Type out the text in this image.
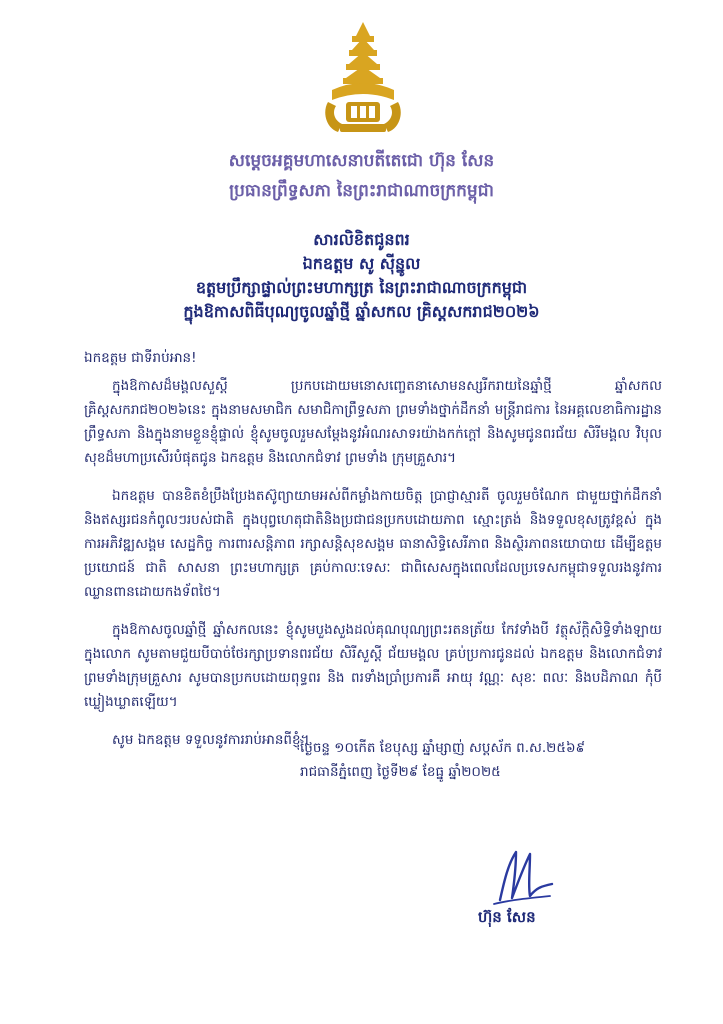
សម្តេចអគ្គមហាសេនាបតីតេជោ ហ៊ុន សែន
ប្រធានព្រឹទ្ធសភា នៃព្រះរាជាណាចក្រកម្ពុជា
សារលិខិតជូនពរ
ឯកឧត្តម សូ ស៊ីន្នូល
ឧត្តមប្រឹក្សាផ្ទាល់ព្រះមហាក្សត្រ នៃព្រះរាជាណាចក្រកម្ពុជា
ក្នុងឱកាសពិធីបុណ្យចូលឆ្នាំថ្មី ឆ្នាំសកល គ្រិស្តសករាជ២០២៦

ឯកឧត្តម ជាទីរាប់អាន!

ក្នុងឱកាសដ៏មង្គលសួស្តី ប្រកបដោយមនោសញ្ចេតនាសោមនស្សរីករាយនៃឆ្នាំថ្មី ឆ្នាំសកល គ្រិស្តសករាជ២០២៦នេះ ក្នុងនាមសមាជិក សមាជិកាព្រឹទ្ធសភា ព្រមទាំងថ្នាក់ដឹកនាំ មន្ត្រីរាជការ នៃអគ្គលេខាធិការដ្ឋានព្រឹទ្ធសភា និងក្នុងនាមខ្លួនខ្ញុំផ្ទាល់ ខ្ញុំសូមចូលរួមសម្តែងនូវអំណរសាទរយ៉ាងកក់ក្តៅ និងសូមជូនពរជ័យ សិរីមង្គល វិបុលសុខដ៏មហាប្រសើរបំផុតជូន ឯកឧត្តម និងលោកជំទាវ ព្រមទាំង ក្រុមគ្រួសារ។

ឯកឧត្តម បានខិតខំប្រឹងប្រែងតស៊ូព្យាយាមអស់ពីកម្លាំងកាយចិត្ត ប្រាជ្ញាស្មារតី ចូលរួមចំណែក ជាមួយថ្នាក់ដឹកនាំនិងឥស្សរជនកំពូលៗរបស់ជាតិ ក្នុងបុព្វហេតុជាតិនិងប្រជាជនប្រកបដោយភាព ស្មោះត្រង់ និងទទួលខុសត្រូវខ្ពស់ ក្នុងការអភិវឌ្ឍសង្គម សេដ្ឋកិច្ច ការពារសន្តិភាព រក្សាសន្តិសុខសង្គម ធានាសិទ្ធិសេរីភាព និងស្ថិរភាពនយោបាយ ដើម្បីឧត្តមប្រយោជន៍ ជាតិ សាសនា ព្រះមហាក្សត្រ គ្រប់កាលៈទេសៈ ជាពិសេសក្នុងពេលដែលប្រទេសកម្ពុជាទទួលរងនូវការឈ្លានពានដោយកងទ័ពថៃ។

ក្នុងឱកាសចូលឆ្នាំថ្មី ឆ្នាំសកលនេះ ខ្ញុំសូមបួងសួងដល់គុណបុណ្យព្រះរតនត្រ័យ កែវទាំងបី វត្ថុស័ក្តិសិទ្ធិទាំងឡាយក្នុងលោក សូមតាមជួយបីបាច់ថែរក្សាប្រទានពរជ័យ សិរីសួស្តី ជ័យមង្គល គ្រប់ប្រការជូនដល់ ឯកឧត្តម និងលោកជំទាវ ព្រមទាំងក្រុមគ្រួសារ សូមបានប្រកបដោយពុទ្ធពរ និង ពរទាំងប្រាំប្រការគឺ អាយុ វណ្ណៈ សុខៈ ពលៈ និងបដិភាណ កុំបីឃ្លៀងឃ្លាតឡើយ។

សូម ឯកឧត្តម ទទួលនូវការរាប់អានពីខ្ញុំ។

ថ្ងៃចន្ទ ១០កើត ខែបុស្ស ឆ្នាំម្សាញ់ សប្តស័ក ព.ស.២៥៦៩
រាជធានីភ្នំពេញ ថ្ងៃទី២៩ ខែធ្នូ ឆ្នាំ២០២៥
ហ៊ុន សែន
